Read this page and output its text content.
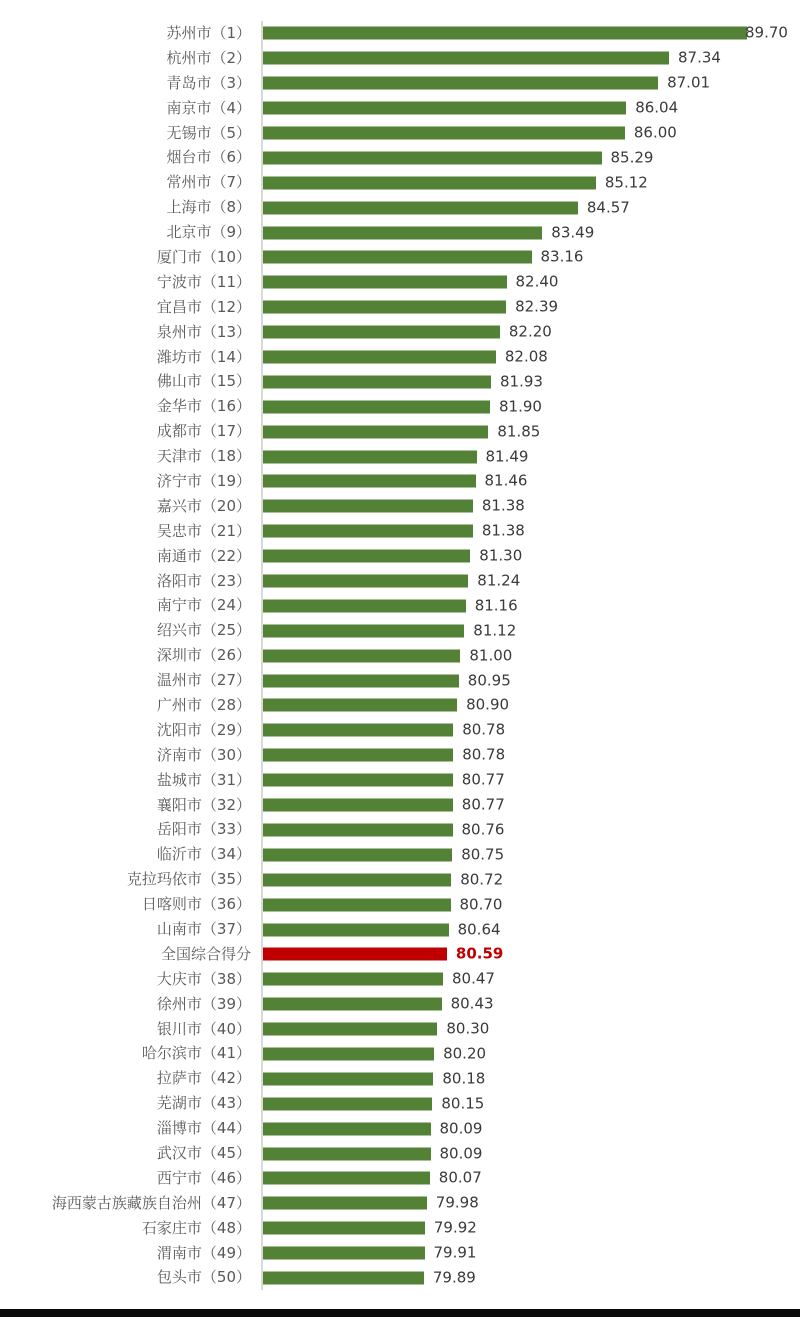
苏州市（1）	89.70
杭州市（2）	87.34
青岛市（3）	87.01
南京市（4）	86.04
无锡市（5）	86.00
烟台市（6）	85.29
常州市（7）	85.12
上海市（8）	84.57
北京市（9）	83.49
厦门市（10）	83.16
宁波市（11）	82.40
宜昌市（12）	82.39
泉州市（13）	82.20
潍坊市（14）	82.08
佛山市（15）	81.93
金华市（16）	81.90
成都市（17）	81.85
天津市（18）	81.49
济宁市（19）	81.46
嘉兴市（20）	81.38
吴忠市（21）	81.38
南通市（22）	81.30
洛阳市（23）	81.24
南宁市（24）	81.16
绍兴市（25）	81.12
深圳市（26）	81.00
温州市（27）	80.95
广州市（28）	80.90
沈阳市（29）	80.78
济南市（30）	80.78
盐城市（31）	80.77
襄阳市（32）	80.77
岳阳市（33）	80.76
临沂市（34）	80.75
克拉玛依市（35）	80.72
日喀则市（36）	80.70
山南市（37）	80.64
全国综合得分	80.59
大庆市（38）	80.47
徐州市（39）	80.43
银川市（40）	80.30
哈尔滨市（41）	80.20
拉萨市（42）	80.18
芜湖市（43）	80.15
淄博市（44）	80.09
武汉市（45）	80.09
西宁市（46）	80.07
海西蒙古族藏族自治州（47）	79.98
石家庄市（48）	79.92
渭南市（49）	79.91
包头市（50）	79.89
